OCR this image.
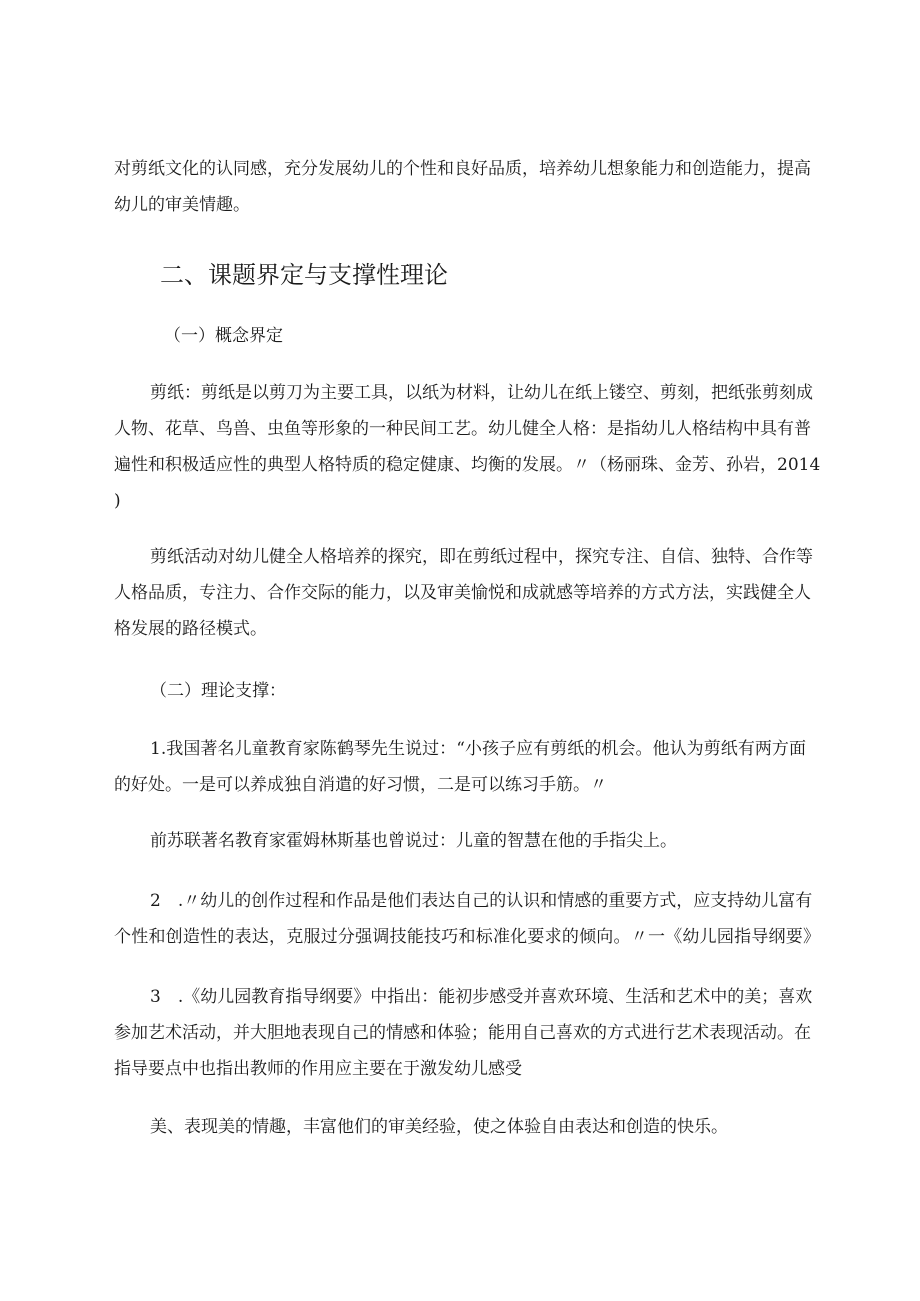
对剪纸文化的认同感，充分发展幼儿的个性和良好品质，培养幼儿想象能力和创造能力，提高

幼儿的审美情趣。

二、课题界定与支撑性理论

（一）概念界定

剪纸：剪纸是以剪刀为主要工具，以纸为材料，让幼儿在纸上镂空、剪刻，把纸张剪刻成

人物、花草、鸟兽、虫鱼等形象的一种民间工艺。幼儿健全人格：是指幼儿人格结构中具有普

遍性和积极适应性的典型人格特质的稳定健康、均衡的发展。〃（杨丽珠、金芳、孙岩，2014

)

剪纸活动对幼儿健全人格培养的探究，即在剪纸过程中，探究专注、自信、独特、合作等

人格品质，专注力、合作交际的能力，以及审美愉悦和成就感等培养的方式方法，实践健全人

格发展的路径模式。

（二）理论支撑：

1.我国著名儿童教育家陈鹤琴先生说过：“小孩子应有剪纸的机会。他认为剪纸有两方面

的好处。一是可以养成独自消遣的好习惯，二是可以练习手筋。〃

前苏联著名教育家霍姆林斯基也曾说过：儿童的智慧在他的手指尖上。

2　.〃幼儿的创作过程和作品是他们表达自己的认识和情感的重要方式，应支持幼儿富有

个性和创造性的表达，克服过分强调技能技巧和标准化要求的倾向。〃一《幼儿园指导纲要》

3　.《幼儿园教育指导纲要》中指出：能初步感受并喜欢环境、生活和艺术中的美；喜欢

参加艺术活动，并大胆地表现自己的情感和体验；能用自己喜欢的方式进行艺术表现活动。在

指导要点中也指出教师的作用应主要在于激发幼儿感受

美、表现美的情趣，丰富他们的审美经验，使之体验自由表达和创造的快乐。
